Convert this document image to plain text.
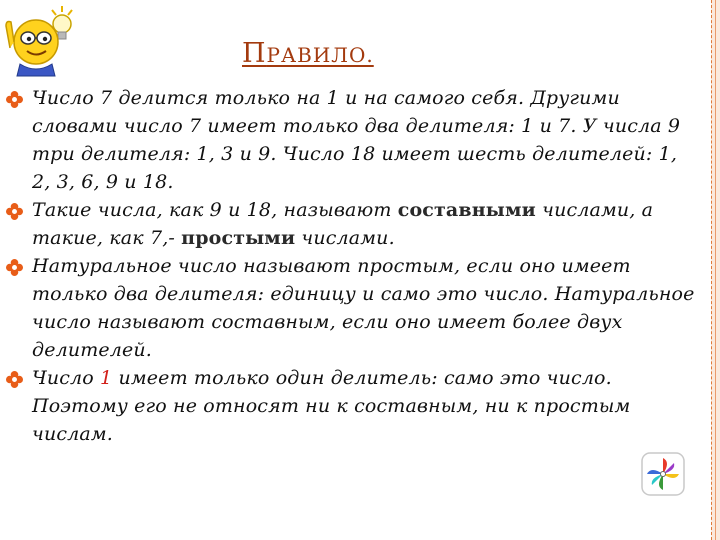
ПРАВИЛО.
Число 7 делится только на 1 и на самого себя. Другими словами число 7 имеет только два делителя: 1 и 7. У числа 9 три делителя: 1, 3 и 9. Число 18 имеет шесть делителей: 1, 2, 3, 6, 9 и 18.
Такие числа, как 9 и 18, называют составными числами, а такие, как 7,- простыми числами.
Натуральное число называют простым, если оно имеет только два делителя: единицу и само это число. Натуральное число называют составным, если оно имеет более двух делителей.
Число 1 имеет только один делитель: само это число. Поэтому его не относят ни к составным, ни к простым числам.
